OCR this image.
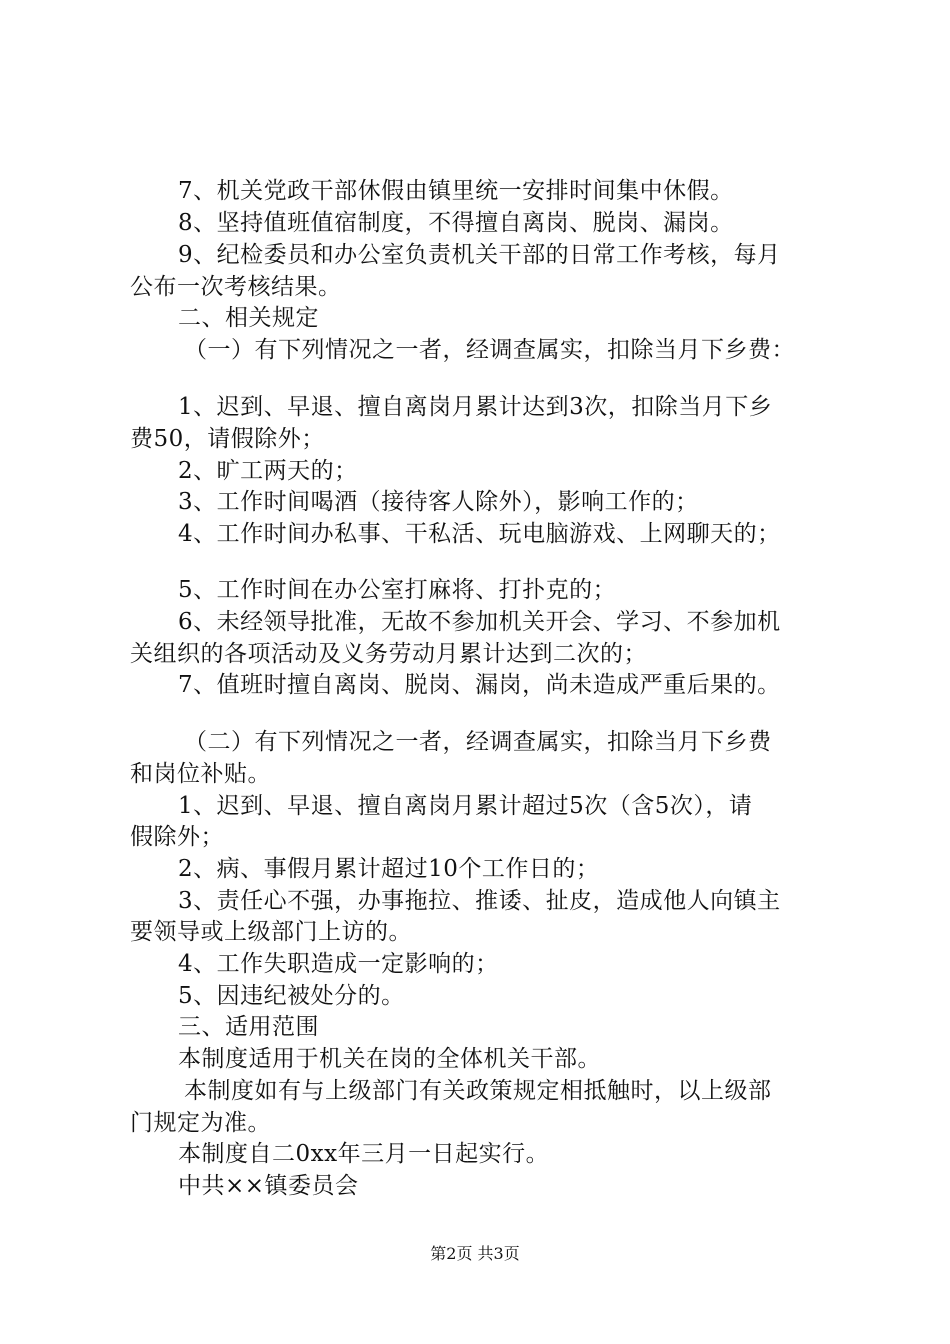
7、机关党政干部休假由镇里统一安排时间集中休假。
8、坚持值班值宿制度，不得擅自离岗、脱岗、漏岗。
9、纪检委员和办公室负责机关干部的日常工作考核，每月
公布一次考核结果。
二、相关规定
（一）有下列情况之一者，经调查属实，扣除当月下乡费：
1、迟到、早退、擅自离岗月累计达到3次，扣除当月下乡
费50，请假除外；
2、旷工两天的；
3、工作时间喝酒（接待客人除外），影响工作的；
4、工作时间办私事、干私活、玩电脑游戏、上网聊天的；
5、工作时间在办公室打麻将、打扑克的；
6、未经领导批准，无故不参加机关开会、学习、不参加机
关组织的各项活动及义务劳动月累计达到二次的；
7、值班时擅自离岗、脱岗、漏岗，尚未造成严重后果的。
（二）有下列情况之一者，经调查属实，扣除当月下乡费
和岗位补贴。
1、迟到、早退、擅自离岗月累计超过5次（含5次），请
假除外；
2、病、事假月累计超过10个工作日的；
3、责任心不强，办事拖拉、推诿、扯皮，造成他人向镇主
要领导或上级部门上访的。
4、工作失职造成一定影响的；
5、因违纪被处分的。
三、适用范围
本制度适用于机关在岗的全体机关干部。
本制度如有与上级部门有关政策规定相抵触时，以上级部
门规定为准。
本制度自二0xx年三月一日起实行。
中共××镇委员会
第2页 共3页
